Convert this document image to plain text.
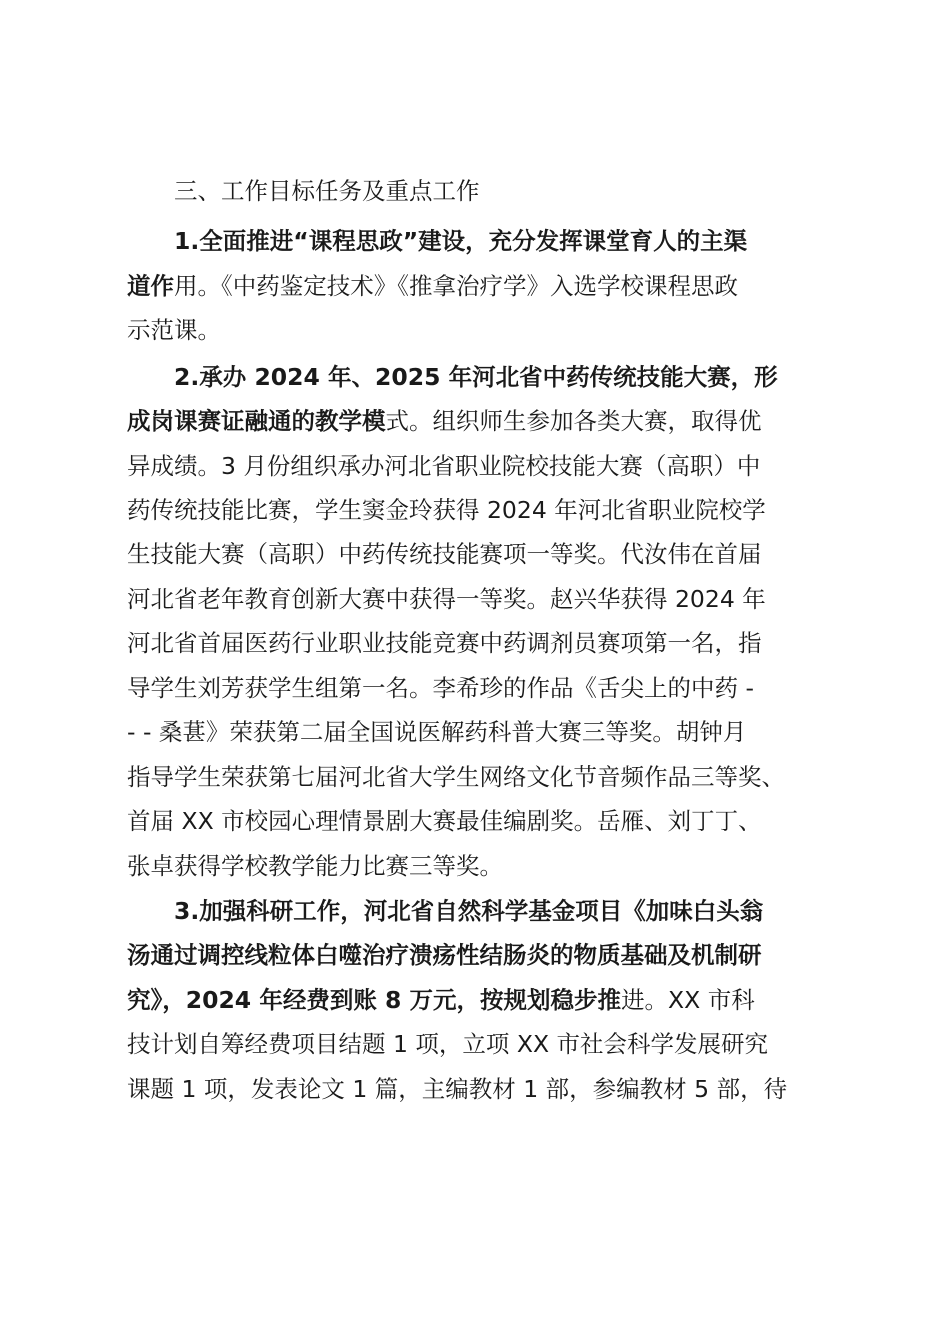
三、工作目标任务及重点工作
1.全面推进“课程思政”建设，充分发挥课堂育人的主渠
道作用。《中药鉴定技术》《推拿治疗学》入选学校课程思政
示范课。
2.承办 2024 年、2025 年河北省中药传统技能大赛，形
成岗课赛证融通的教学模式。组织师生参加各类大赛，取得优
异成绩。3 月份组织承办河北省职业院校技能大赛（高职）中
药传统技能比赛，学生窦金玲获得 2024 年河北省职业院校学
生技能大赛（高职）中药传统技能赛项一等奖。代汝伟在首届
河北省老年教育创新大赛中获得一等奖。赵兴华获得 2024 年
河北省首届医药行业职业技能竞赛中药调剂员赛项第一名，指
导学生刘芳获学生组第一名。李希珍的作品《舌尖上的中药 -
- - 桑葚》荣获第二届全国说医解药科普大赛三等奖。胡钟月
指导学生荣获第七届河北省大学生网络文化节音频作品三等奖、
首届 XX 市校园心理情景剧大赛最佳编剧奖。岳雁、刘丁丁、
张卓获得学校教学能力比赛三等奖。
3.加强科研工作，河北省自然科学基金项目《加味白头翁
汤通过调控线粒体白噬治疗溃疡性结肠炎的物质基础及机制研
究》，2024 年经费到账 8 万元，按规划稳步推进。XX 市科
技计划自筹经费项目结题 1 项，立项 XX 市社会科学发展研究
课题 1 项，发表论文 1 篇，主编教材 1 部，参编教材 5 部，待
